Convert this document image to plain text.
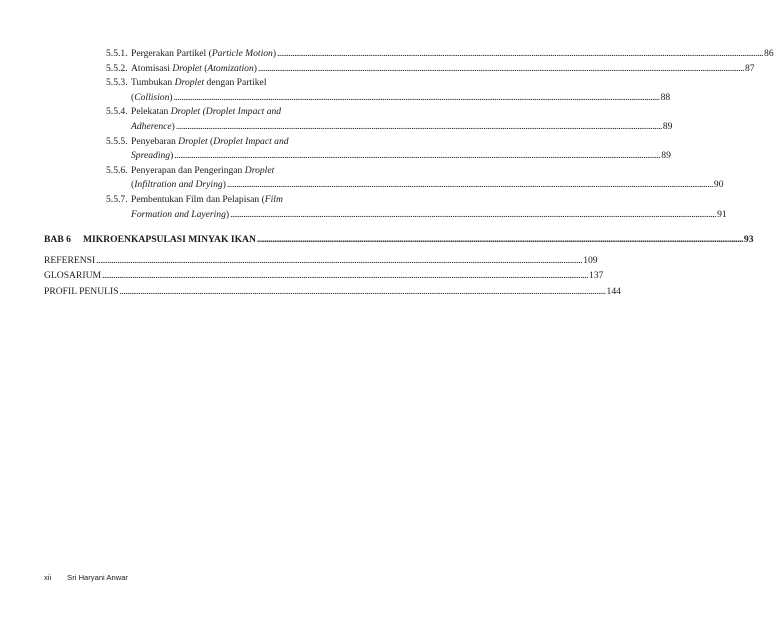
5.5.1. Pergerakan Partikel (Particle Motion) .....	86
5.5.2. Atomisasi Droplet (Atomization) .....	87
5.5.3. Tumbukan Droplet dengan Partikel
(Collision) .....	88
5.5.4. Pelekatan Droplet (Droplet Impact and
Adherence) .....	89
5.5.5. Penyebaran Droplet (Droplet Impact and
Spreading) .....	89
5.5.6. Penyerapan dan Pengeringan Droplet
(Infiltration and Drying) .....	90
5.5.7. Pembentukan Film dan Pelapisan (Film
Formation and Layering) .....	91
BAB 6	MIKROENKAPSULASI MINYAK IKAN .....	93
REFERENSI .....	109
GLOSARIUM .....	137
PROFIL PENULIS .....	144
xii Sri Haryani Anwar
